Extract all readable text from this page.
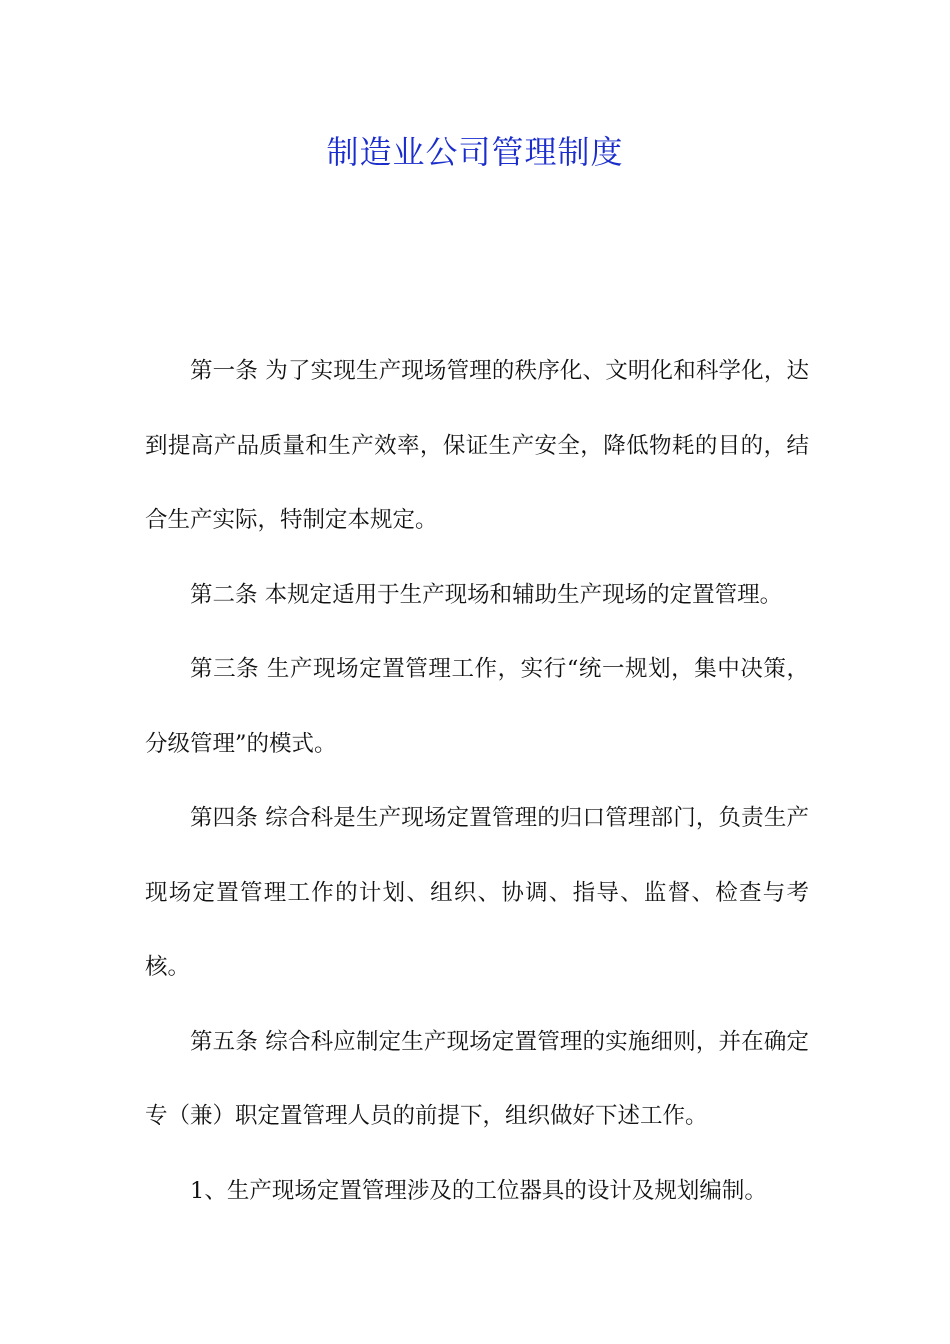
制造业公司管理制度

第一条 为了实现生产现场管理的秩序化、文明化和科学化，达到提高产品质量和生产效率，保证生产安全，降低物耗的目的，结合生产实际，特制定本规定。

第二条 本规定适用于生产现场和辅助生产现场的定置管理。

第三条 生产现场定置管理工作，实行“统一规划，集中决策，分级管理”的模式。

第四条 综合科是生产现场定置管理的归口管理部门，负责生产现场定置管理工作的计划、组织、协调、指导、监督、检查与考核。

第五条 综合科应制定生产现场定置管理的实施细则，并在确定专（兼）职定置管理人员的前提下，组织做好下述工作。

1、生产现场定置管理涉及的工位器具的设计及规划编制。
